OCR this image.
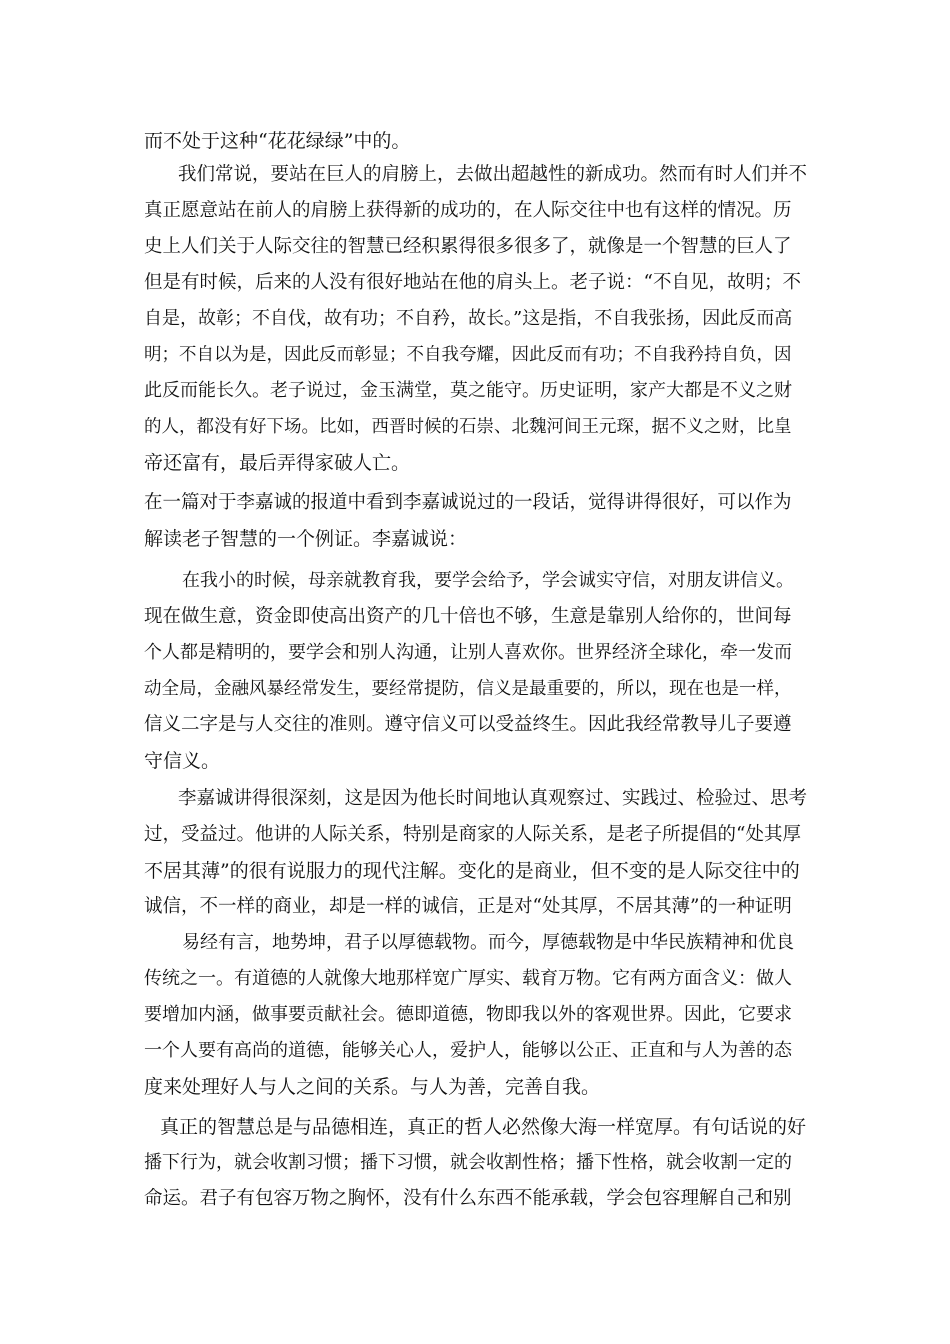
而不处于这种“花花绿绿”中的。

我们常说，要站在巨人的肩膀上，去做出超越性的新成功。然而有时人们并不

真正愿意站在前人的肩膀上获得新的成功的，在人际交往中也有这样的情况。历

史上人们关于人际交往的智慧已经积累得很多很多了，就像是一个智慧的巨人了

但是有时候，后来的人没有很好地站在他的肩头上。老子说：“不自见，故明；不

自是，故彰；不自伐，故有功；不自矜，故长。”这是指，不自我张扬，因此反而高

明；不自以为是，因此反而彰显；不自我夸耀，因此反而有功；不自我矜持自负，因

此反而能长久。老子说过，金玉满堂，莫之能守。历史证明，家产大都是不义之财

的人，都没有好下场。比如，西晋时候的石崇、北魏河间王元琛，据不义之财，比皇

帝还富有，最后弄得家破人亡。

在一篇对于李嘉诚的报道中看到李嘉诚说过的一段话，觉得讲得很好，可以作为

解读老子智慧的一个例证。李嘉诚说：

在我小的时候，母亲就教育我，要学会给予，学会诚实守信，对朋友讲信义。

现在做生意，资金即使高出资产的几十倍也不够，生意是靠别人给你的，世间每

个人都是精明的，要学会和别人沟通，让别人喜欢你。世界经济全球化，牵一发而

动全局，金融风暴经常发生，要经常提防，信义是最重要的，所以，现在也是一样，

信义二字是与人交往的准则。遵守信义可以受益终生。因此我经常教导儿子要遵

守信义。

李嘉诚讲得很深刻，这是因为他长时间地认真观察过、实践过、检验过、思考

过，受益过。他讲的人际关系，特别是商家的人际关系，是老子所提倡的“处其厚

不居其薄”的很有说服力的现代注解。变化的是商业，但不变的是人际交往中的

诚信，不一样的商业，却是一样的诚信，正是对“处其厚，不居其薄”的一种证明

易经有言，地势坤，君子以厚德载物。而今，厚德载物是中华民族精神和优良

传统之一。有道德的人就像大地那样宽广厚实、载育万物。它有两方面含义：做人

要增加内涵，做事要贡献社会。德即道德，物即我以外的客观世界。因此，它要求

一个人要有高尚的道德，能够关心人，爱护人，能够以公正、正直和与人为善的态

度来处理好人与人之间的关系。与人为善，完善自我。

真正的智慧总是与品德相连，真正的哲人必然像大海一样宽厚。有句话说的好

播下行为，就会收割习惯；播下习惯，就会收割性格；播下性格，就会收割一定的

命运。君子有包容万物之胸怀，没有什么东西不能承载，学会包容理解自己和别
